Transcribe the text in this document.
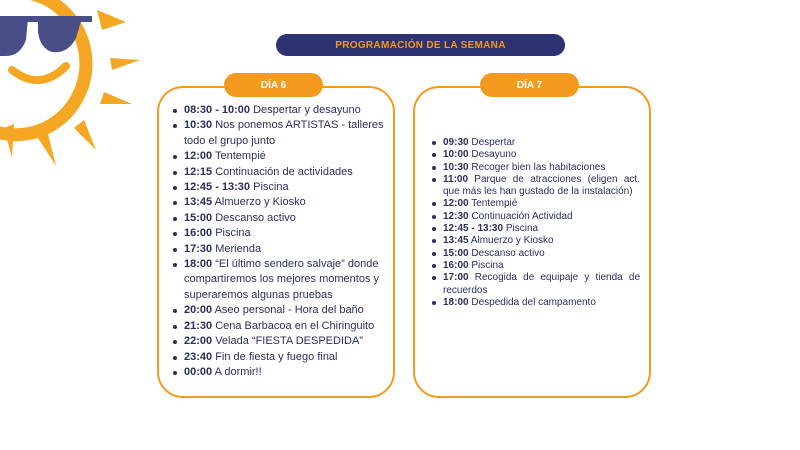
PROGRAMACIÓN DE LA SEMANA
DÍA 6	DÍA 7
08:30 - 10:00 Despertar y desayuno
10:30 Nos ponemos ARTISTAS - talleres todo el grupo junto
12:00 Tentempié
12:15 Continuación de actividades
12:45 - 13:30 Piscina
13:45 Almuerzo y Kiosko
15:00 Descanso activo
16:00 Piscina
17:30 Merienda
18:00 “El último sendero salvaje” donde compartiremos los mejores momentos y superaremos algunas pruebas
20:00 Aseo personal - Hora del baño
21:30 Cena Barbacoa en el Chiringuito
22:00 Velada “FIESTA DESPEDIDA”
23:40 Fin de fiesta y fuego final
00:00 A dormir!!
09:30 Despertar
10:00 Desayuno
10:30 Recoger bien las habitaciones
11:00 Parque de atracciones (eligen act. que más les han gustado de la instalación)
12:00 Tentempié
12:30 Continuación Actividad
12:45 - 13:30 Piscina
13:45 Almuerzo y Kiosko
15:00 Descanso activo
16:00 Piscina
17:00 Recogida de equipaje y tienda de recuerdos
18:00 Despedida del campamento
